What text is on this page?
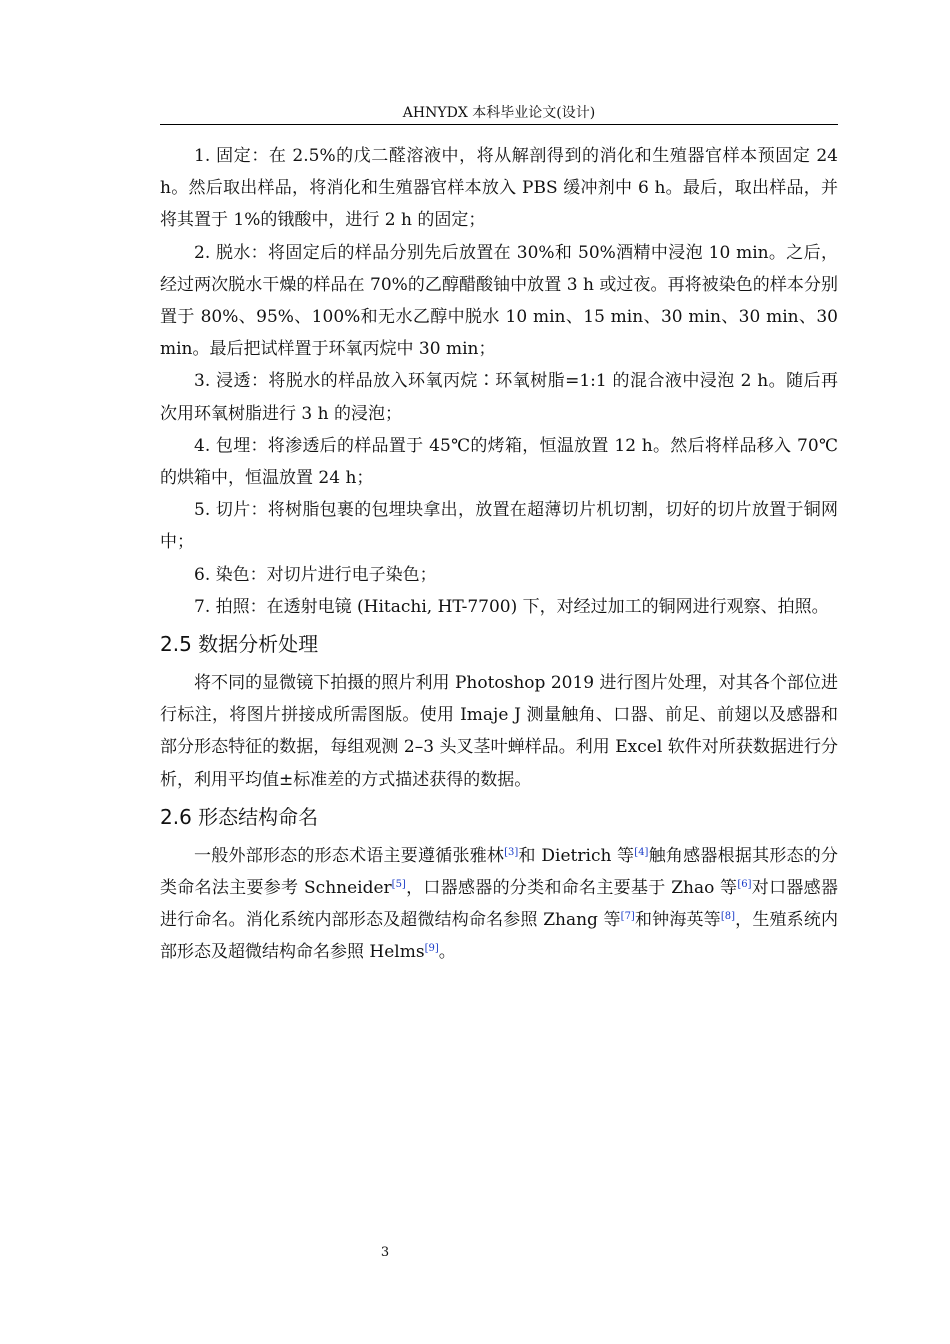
AHNYDX 本科毕业论文(设计)

1. 固定：在 2.5%的戊二醛溶液中，将从解剖得到的消化和生殖器官样本预固定 24 h。然后取出样品，将消化和生殖器官样本放入 PBS 缓冲剂中 6 h。最后，取出样品，并将其置于 1%的锇酸中，进行 2 h 的固定；

2. 脱水：将固定后的样品分别先后放置在 30%和 50%酒精中浸泡 10 min。之后，经过两次脱水干燥的样品在 70%的乙醇醋酸铀中放置 3 h 或过夜。再将被染色的样本分别置于 80%、95%、100%和无水乙醇中脱水 10 min、15 min、30 min、30 min、30 min。最后把试样置于环氧丙烷中 30 min；

3. 浸透：将脱水的样品放入环氧丙烷∶环氧树脂=1:1 的混合液中浸泡 2 h。随后再次用环氧树脂进行 3 h 的浸泡；

4. 包埋：将渗透后的样品置于 45℃的烤箱，恒温放置 12 h。然后将样品移入 70℃的烘箱中，恒温放置 24 h；

5. 切片：将树脂包裹的包埋块拿出，放置在超薄切片机切割，切好的切片放置于铜网中；

6. 染色：对切片进行电子染色；

7. 拍照：在透射电镜 (Hitachi, HT-7700) 下，对经过加工的铜网进行观察、拍照。

2.5 数据分析处理

将不同的显微镜下拍摄的照片利用 Photoshop 2019 进行图片处理，对其各个部位进行标注，将图片拼接成所需图版。使用 Imaje J 测量触角、口器、前足、前翅以及感器和部分形态特征的数据，每组观测 2–3 头叉茎叶蝉样品。利用 Excel 软件对所获数据进行分析，利用平均值±标准差的方式描述获得的数据。

2.6 形态结构命名

一般外部形态的形态术语主要遵循张雅林[3]和 Dietrich 等[4]触角感器根据其形态的分类命名法主要参考 Schneider[5]，口器感器的分类和命名主要基于 Zhao 等[6]对口器感器进行命名。消化系统内部形态及超微结构命名参照 Zhang 等[7]和钟海英等[8]，生殖系统内部形态及超微结构命名参照 Helms[9]。

3
